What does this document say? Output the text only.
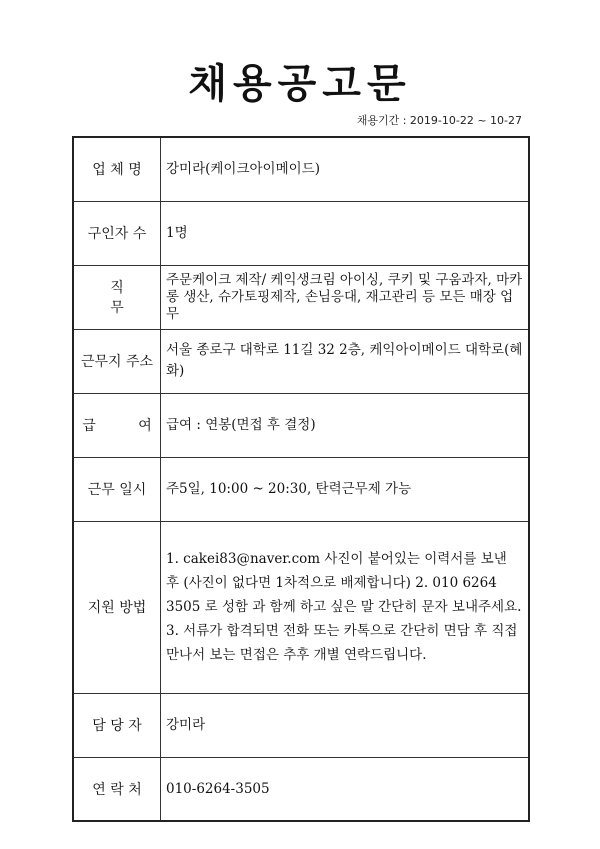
채용공고문
채용기간 : 2019-10-22 ~ 10-27
업 체 명	강미라(케이크아이메이드)
구인자 수	1명

직 무	주문케이크 제작/ 케익생크림 아이싱, 쿠키 및 구움과자, 마카롱 생산, 슈가토핑제작, 손님응대, 재고관리 등 모든 매장 업무
근무지 주소	서울 종로구 대학로 11길 32 2층, 케익아이메이드 대학로(혜화)
급 여	급여 : 연봉(면접 후 결정)
근무 일시	주5일, 10:00 ~ 20:30, 탄력근무제 가능
지원 방법	1. cakei83@naver.com 사진이 붙어있는 이력서를 보낸 후 (사진이 없다면 1차적으로 배제합니다) 2. 010 6264 3505 로 성함 과 함께 하고 싶은 말 간단히 문자 보내주세요. 3. 서류가 합격되면 전화 또는 카톡으로 간단히 면담 후 직접 만나서 보는 면접은 추후 개별 연락드립니다.
담 당 자	강미라
연 락 처	010-6264-3505
